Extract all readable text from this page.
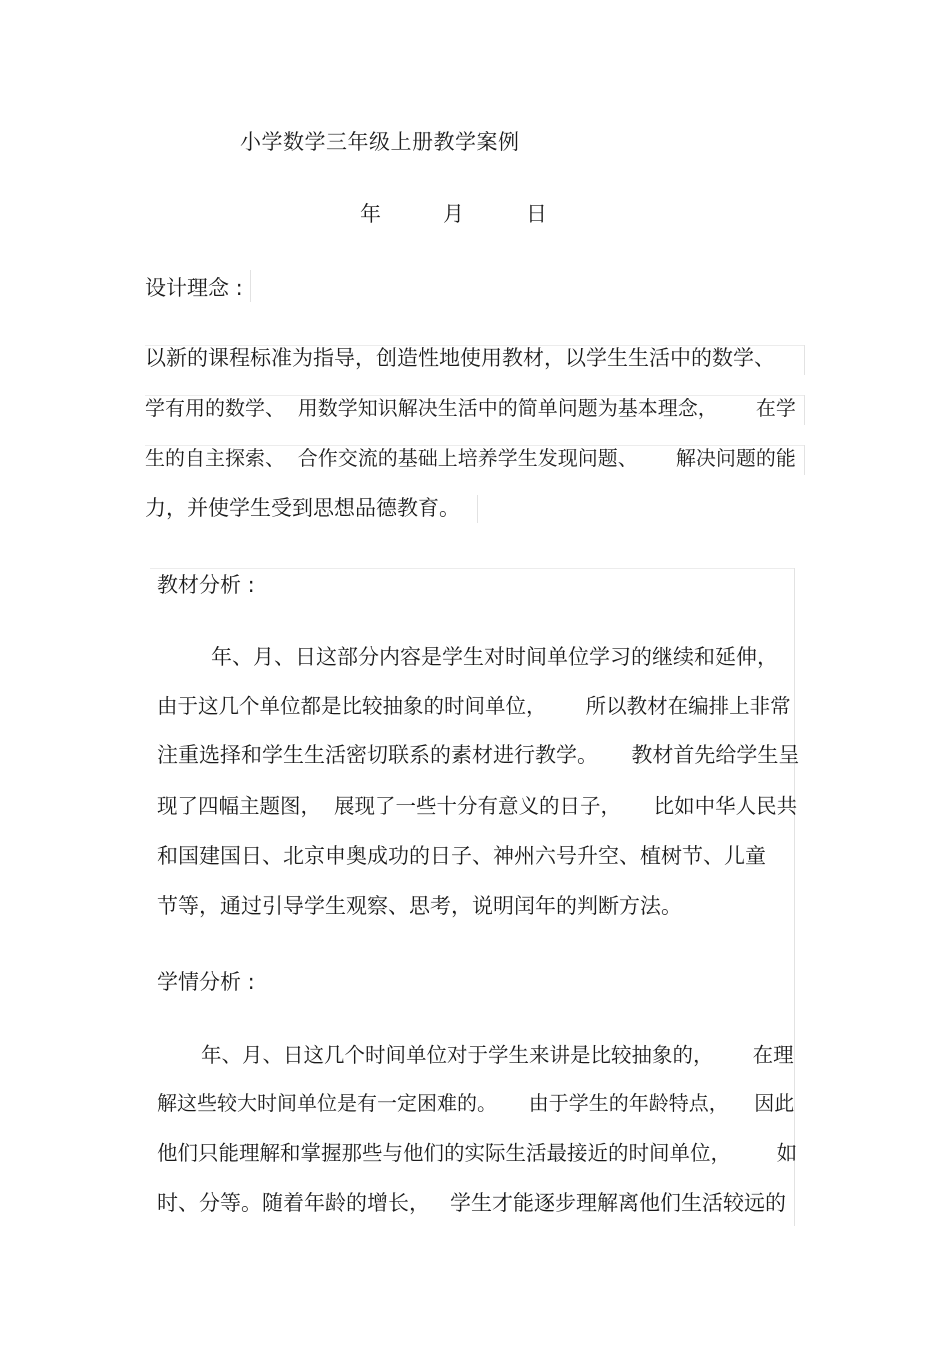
小学数学三年级上册教学案例
年   月   日
设计理念 :
以新的课程标准为指导，创造性地使用教材，以学生生活中的数学、
学有用的数学、  用数学知识解决生活中的简单问题为基本理念，      在学
生的自主探索、  合作交流的基础上培养学生发现问题、      解决问题的能
力，并使学生受到思想品德教育。
教材分析 :
年、月、日这部分内容是学生对时间单位学习的继续和延伸，
由于这几个单位都是比较抽象的时间单位，      所以教材在编排上非常
注重选择和学生生活密切联系的素材进行教学。     教材首先给学生呈
现了四幅主题图，  展现了一些十分有意义的日子，     比如中华人民共
和国建国日、北京申奥成功的日子、神州六号升空、植树节、儿童
节等，通过引导学生观察、思考，说明闰年的判断方法。
学情分析 :
年、月、日这几个时间单位对于学生来讲是比较抽象的，      在理
解这些较大时间单位是有一定困难的。     由于学生的年龄特点，    因此
他们只能理解和掌握那些与他们的实际生活最接近的时间单位，       如
时、分等。随着年龄的增长，   学生才能逐步理解离他们生活较远的
